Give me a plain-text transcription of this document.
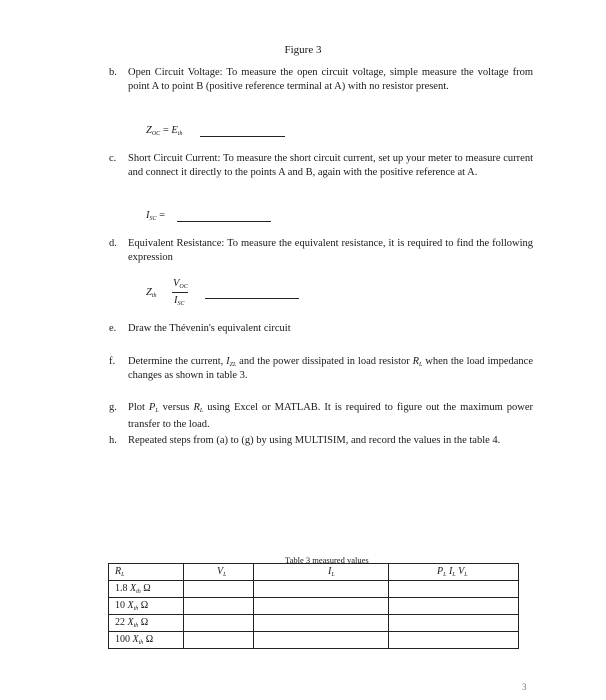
Figure 3
b. Open Circuit Voltage: To measure the open circuit voltage, simple measure the voltage from point A to point B (positive reference terminal at A) with no resistor present.
$Z_{OC} = E_{th}$
c. Short Circuit Current: To measure the short circuit current, set up your meter to measure current and connect it directly to the points A and B, again with the positive reference at A.
$I_{SC}$ =
d. Equivalent Resistance: To measure the equivalent resistance, it is required to find the following expression
$Z_{th}$
$V_{OC}$
$I_{SC}$
e. Draw the Thévenin's equivalent circuit
f. Determine the current, $I_{ZL}$ and the power dissipated in load resistor $R_L$ when the load impedance changes as shown in table 3.
g. Plot $P_L$ versus $R_L$ using Excel or MATLAB. It is required to figure out the maximum power transfer to the load.
h. Repeated steps from (a) to (g) by using MULTISIM, and record the values in the table 4.
Table 3 measured values
$R_L$	$V_L$	$I_L$	$P_L$ $I_L$ $V_L$
1.8 $X_{th}$ Ω			
10 $X_{th}$ Ω			
22 $X_{th}$ Ω			
100 $X_{th}$ Ω			
3
